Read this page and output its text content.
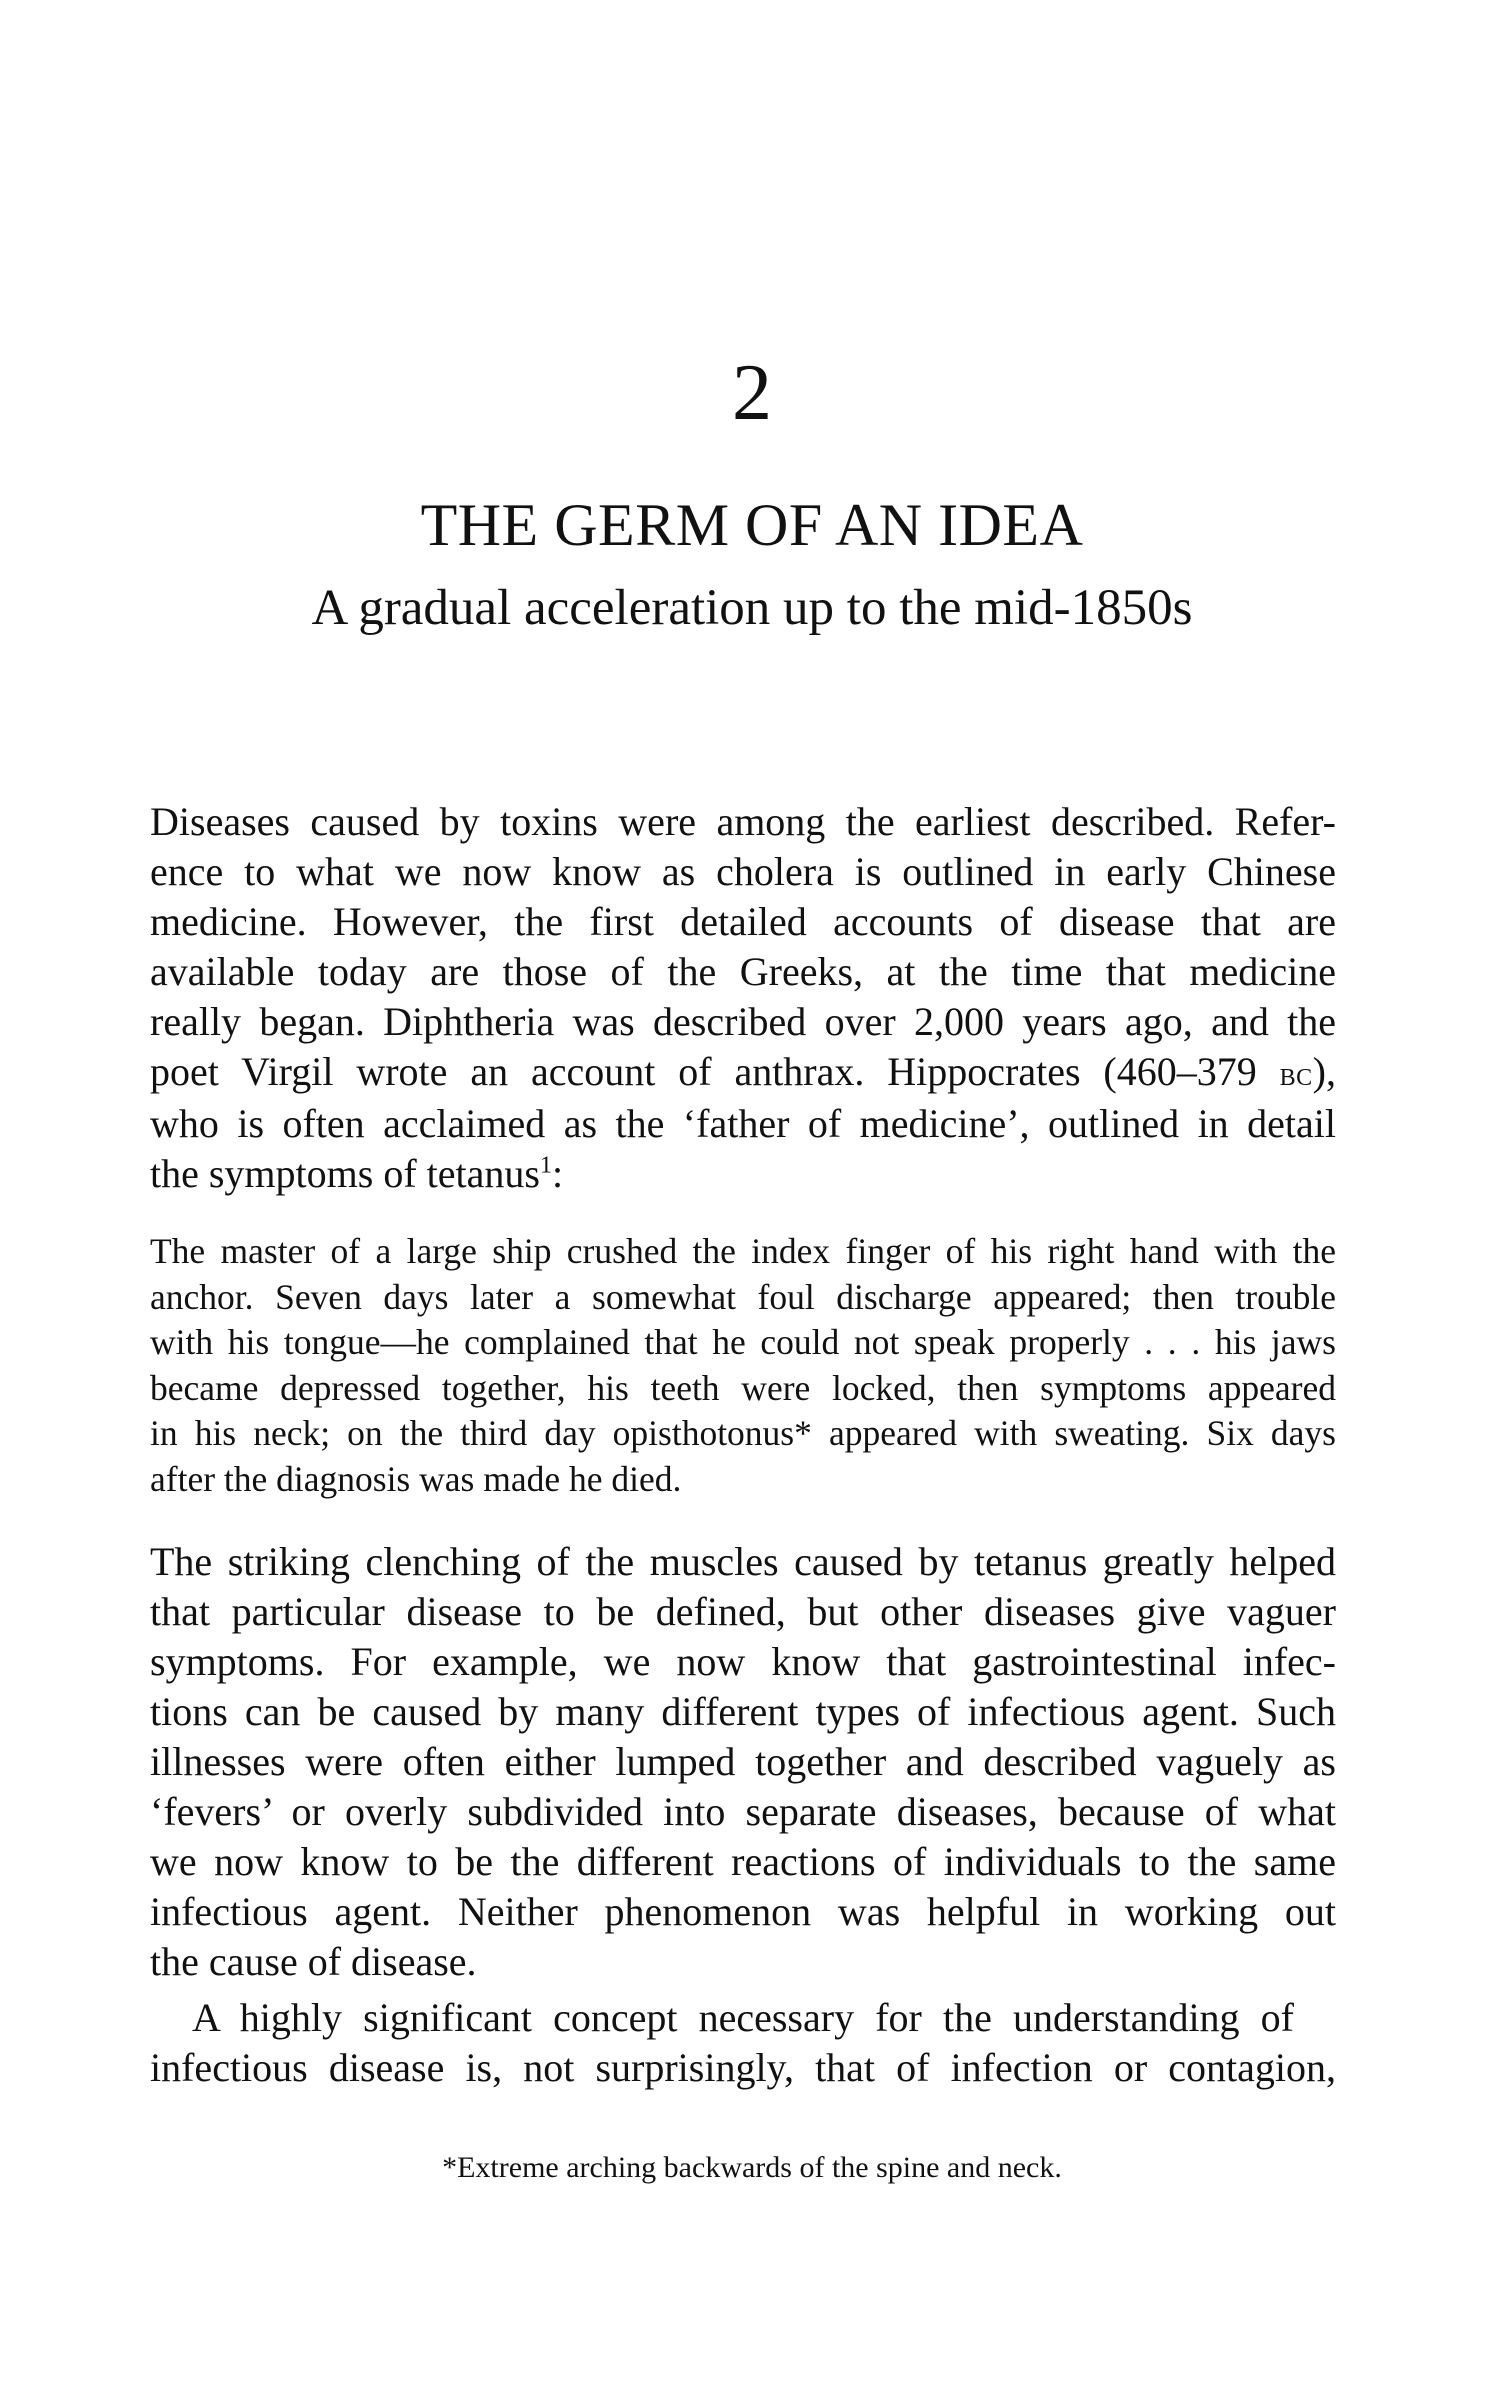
2
THE GERM OF AN IDEA
A gradual acceleration up to the mid-1850s
Diseases caused by toxins were among the earliest described. Refer-
ence to what we now know as cholera is outlined in early Chinese
medicine. However, the first detailed accounts of disease that are
available today are those of the Greeks, at the time that medicine
really began. Diphtheria was described over 2,000 years ago, and the
poet Virgil wrote an account of anthrax. Hippocrates (460–379 bc),
who is often acclaimed as the ‘father of medicine’, outlined in detail
the symptoms of tetanus$^1$:
The master of a large ship crushed the index finger of his right hand with the
anchor. Seven days later a somewhat foul discharge appeared; then trouble
with his tongue—he complained that he could not speak properly . . . his jaws
became depressed together, his teeth were locked, then symptoms appeared
in his neck; on the third day opisthotonus* appeared with sweating. Six days
after the diagnosis was made he died.
The striking clenching of the muscles caused by tetanus greatly helped
that particular disease to be defined, but other diseases give vaguer
symptoms. For example, we now know that gastrointestinal infec-
tions can be caused by many different types of infectious agent. Such
illnesses were often either lumped together and described vaguely as
‘fevers’ or overly subdivided into separate diseases, because of what
we now know to be the different reactions of individuals to the same
infectious agent. Neither phenomenon was helpful in working out
the cause of disease.
A highly significant concept necessary for the understanding of
infectious disease is, not surprisingly, that of infection or contagion,

*Extreme arching backwards of the spine and neck.
